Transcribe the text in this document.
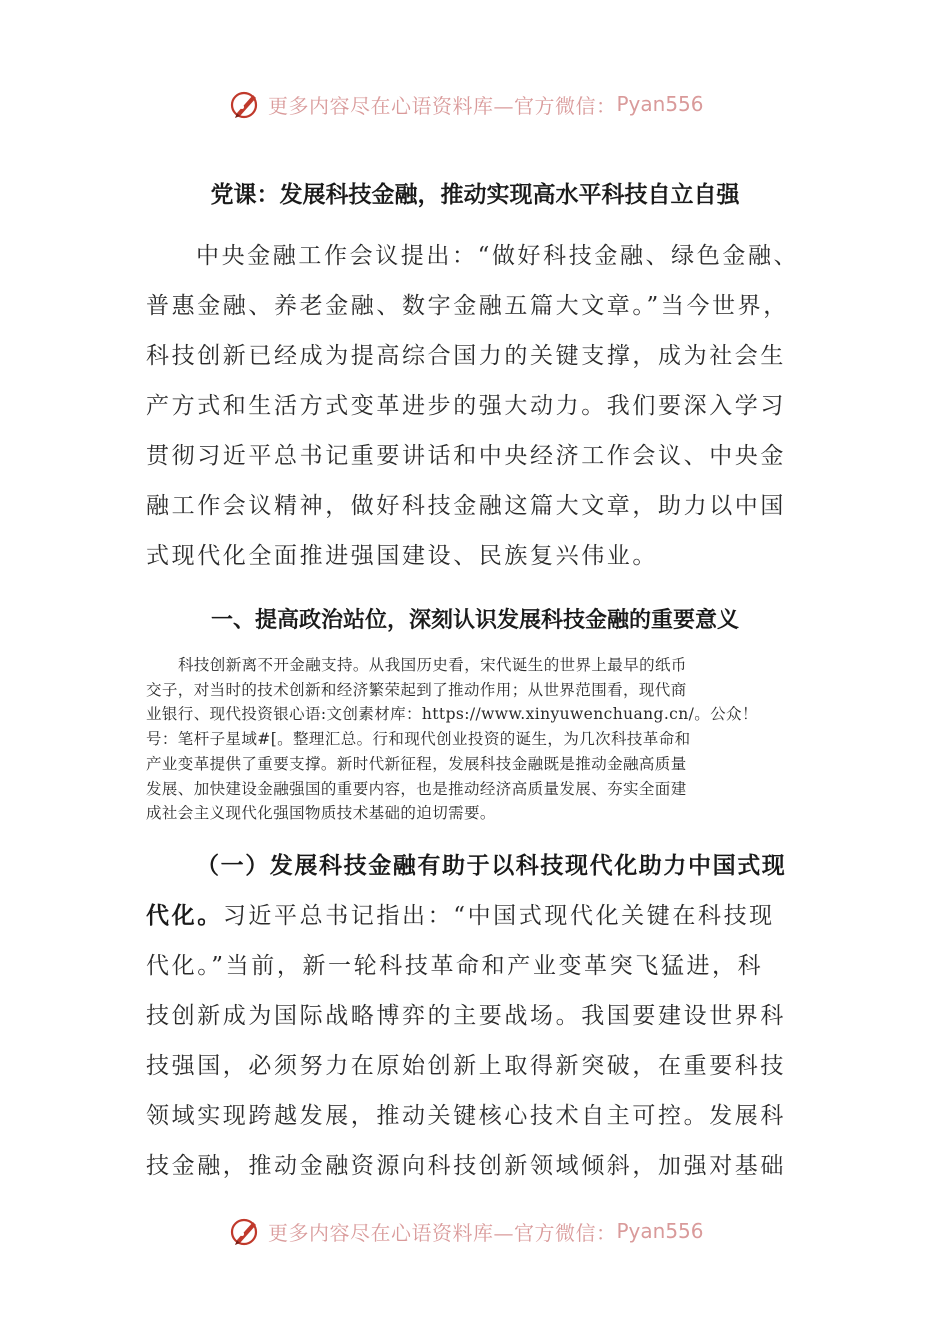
更多内容尽在心语资料库—官方微信： Pyan556
党课：发展科技金融，推动实现高水平科技自立自强
中央金融工作会议提出：“做好科技金融、绿色金融、
普惠金融、养老金融、数字金融五篇大文章。”当今世界，
科技创新已经成为提高综合国力的关键支撑，成为社会生
产方式和生活方式变革进步的强大动力。我们要深入学习
贯彻习近平总书记重要讲话和中央经济工作会议、中央金
融工作会议精神，做好科技金融这篇大文章，助力以中国
式现代化全面推进强国建设、民族复兴伟业。
一、提高政治站位，深刻认识发展科技金融的重要意义
科技创新离不开金融支持。从我国历史看，宋代诞生的世界上最早的纸币
交子，对当时的技术创新和经济繁荣起到了推动作用；从世界范围看，现代商
业银行、现代投资银心语:文创素材库：https://www.xinyuwenchuang.cn/。公众！
号：笔杆子星域#[。整理汇总。行和现代创业投资的诞生，为几次科技革命和
产业变革提供了重要支撑。新时代新征程，发展科技金融既是推动金融高质量
发展、加快建设金融强国的重要内容，也是推动经济高质量发展、夯实全面建
成社会主义现代化强国物质技术基础的迫切需要。
（一）发展科技金融有助于以科技现代化助力中国式现
代化。习近平总书记指出：“中国式现代化关键在科技现
代化。”当前，新一轮科技革命和产业变革突飞猛进，科
技创新成为国际战略博弈的主要战场。我国要建设世界科
技强国，必须努力在原始创新上取得新突破，在重要科技
领域实现跨越发展，推动关键核心技术自主可控。发展科
技金融，推动金融资源向科技创新领域倾斜，加强对基础
更多内容尽在心语资料库—官方微信： Pyan556
